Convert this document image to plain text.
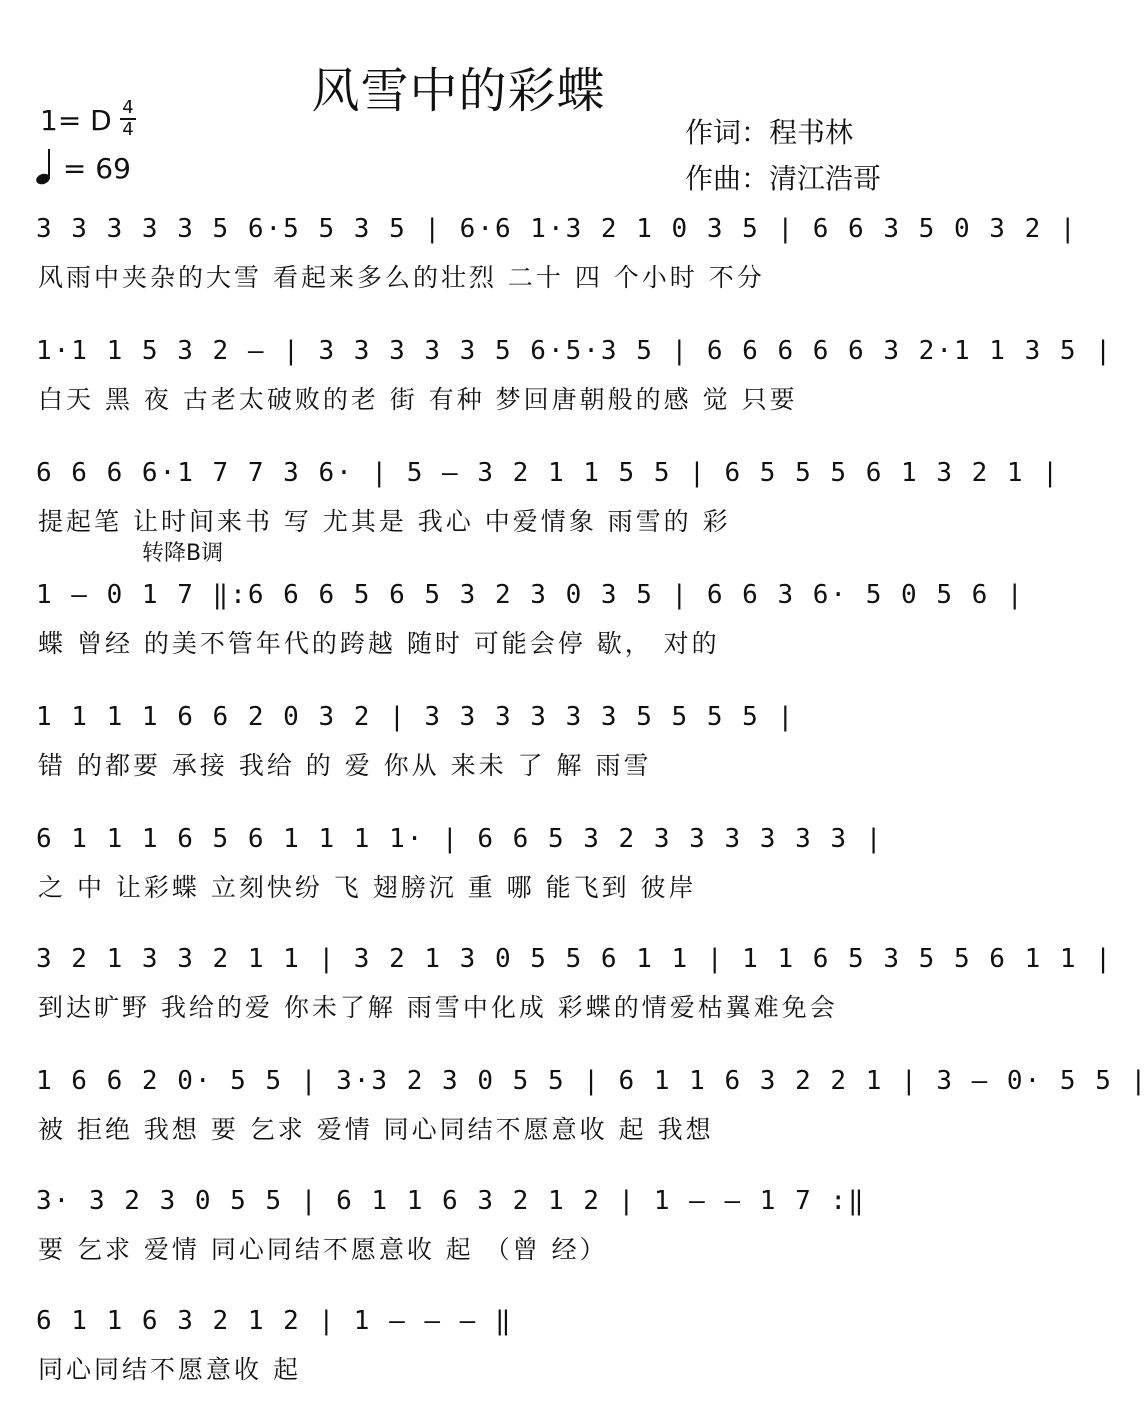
风雪中的彩蝶
1= D 4
4
= 69
作词：程书林
作曲：清江浩哥
转降B调
3 3 3 3 3 5 6·5 5 3 5 | 6·6 1·3 2 1 0 3 5 | 6 6 3 5 0 3 2 |
风雨中夹杂的大雪 看起来多么的壮烈 二十 四 个小时 不分
1·1 1 5 3 2 – | 3 3 3 3 3 5 6·5·3 5 | 6 6 6 6 6 3 2·1 1 3 5 |
白天 黑 夜 古老太破败的老 街 有种 梦回唐朝般的感 觉 只要
6 6 6 6·1 7 7 3 6· | 5 – 3 2 1 1 5 5 | 6 5 5 5 6 1 3 2 1 |
提起笔 让时间来书 写 尤其是 我心 中爱情象 雨雪的 彩
1 – 0 1 7 ‖:6 6 6 5 6 5 3 2 3 0 3 5 | 6 6 3 6· 5 0 5 6 |
蝶 曾经 的美不管年代的跨越 随时 可能会停 歇， 对的
1 1 1 1 6 6 2 0 3 2 | 3 3 3 3 3 3 5 5 5 5 |
错 的都要 承接 我给 的 爱 你从 来未 了 解 雨雪
6 1 1 1 6 5 6 1 1 1 1· | 6 6 5 3 2 3 3 3 3 3 3 |
之 中 让彩蝶 立刻快纷 飞 翅膀沉 重 哪 能飞到 彼岸
3 2 1 3 3 2 1 1 | 3 2 1 3 0 5 5 6 1 1 | 1 1 6 5 3 5 5 6 1 1 |
到达旷野 我给的爱 你未了解 雨雪中化成 彩蝶的情爱枯翼难免会
1 6 6 2 0· 5 5 | 3·3 2 3 0 5 5 | 6 1 1 6 3 2 2 1 | 3 – 0· 5 5 |
被 拒绝 我想 要 乞求 爱情 同心同结不愿意收 起 我想
3· 3 2 3 0 5 5 | 6 1 1 6 3 2 1 2 | 1 – – 1 7 :‖
要 乞求 爱情 同心同结不愿意收 起 （曾 经）
6 1 1 6 3 2 1 2 | 1 – – – ‖
同心同结不愿意收 起
